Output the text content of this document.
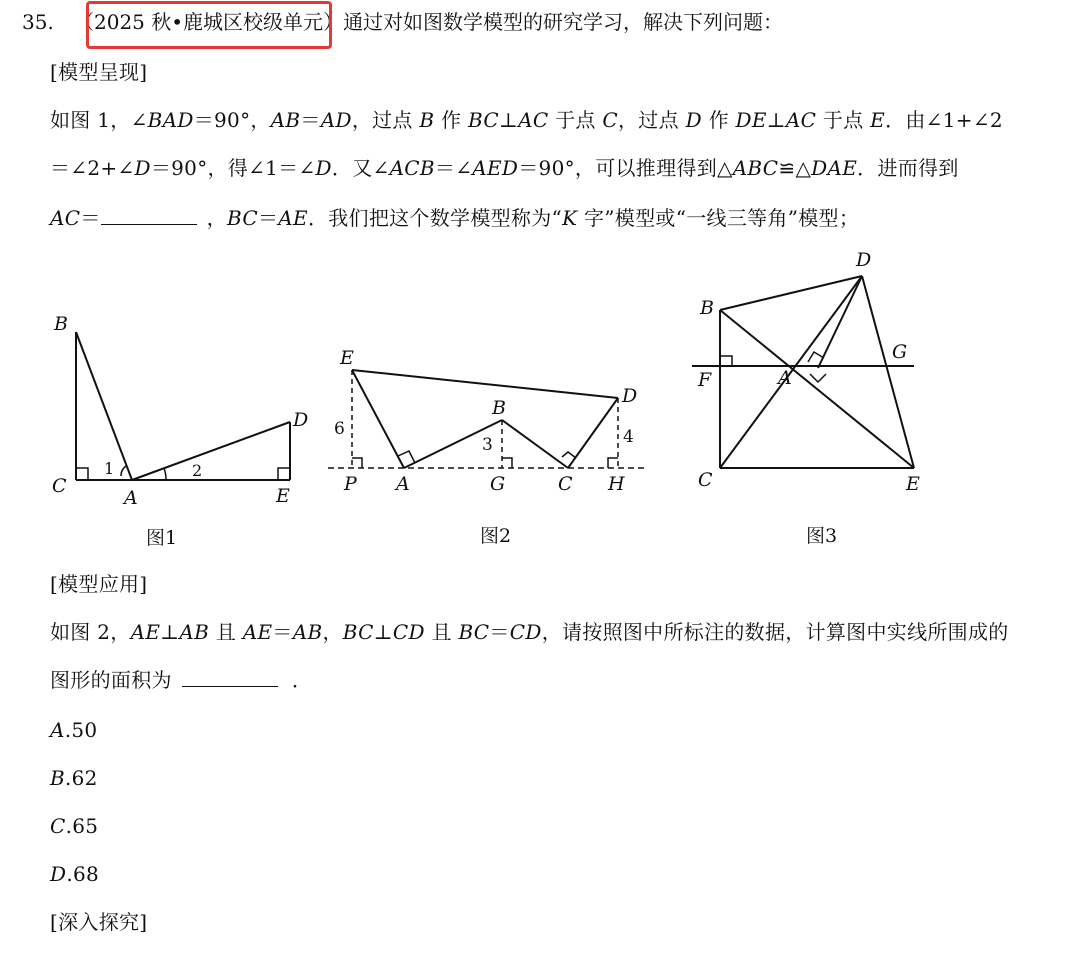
35. （2025 秋•鹿城区校级单元）通过对如图数学模型的研究学习，解决下列问题：
[模型呈现]
如图 1，∠BAD＝90°，AB＝AD，过点 B 作 BC⊥AC 于点 C，过点 D 作 DE⊥AC 于点 E．由∠1+∠2
＝∠2+∠D＝90°，得∠1＝∠D．又∠ACB＝∠AED＝90°，可以推理得到△ABC≌△DAE．进而得到
AC＝	，BC＝AE．我们把这个数学模型称为“K 字”模型或“一线三等角”模型；
B
C
A
D
E
1	2
图1
E
P A
B
G	C
D
H
6
3	4
图2
D
B
F	A
G
C	E
图3
[模型应用]
如图 2，AE⊥AB 且 AE＝AB，BC⊥CD 且 BC＝CD，请按照图中所标注的数据，计算图中实线所围成的
图形的面积为	．
A.50
B.62
C.65
D.68
[深入探究]
